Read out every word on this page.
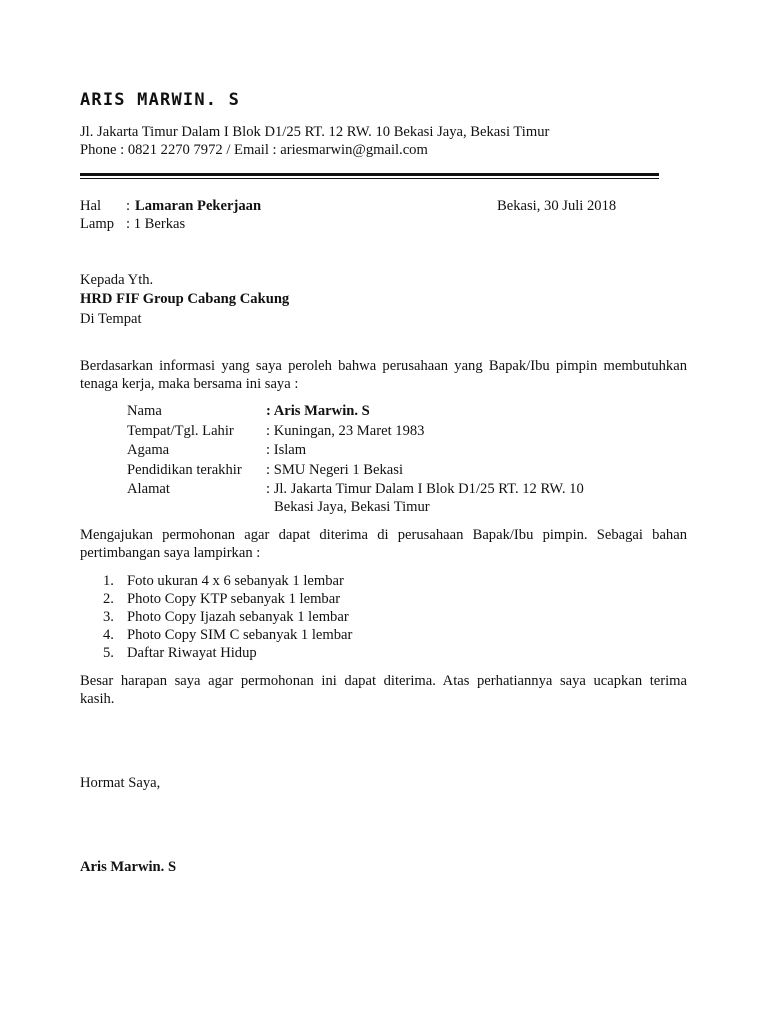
ARIS MARWIN. S
Jl. Jakarta Timur Dalam I Blok D1/25 RT. 12 RW. 10 Bekasi Jaya, Bekasi Timur
Phone : 0821 2270 7972 / Email : ariesmarwin@gmail.com
Hal : Lamaran Pekerjaan	Bekasi, 30 Juli 2018
Lamp : 1 Berkas
Kepada Yth.
HRD FIF Group Cabang Cakung
Di Tempat
Berdasarkan informasi yang saya peroleh bahwa perusahaan yang Bapak/Ibu pimpin membutuhkan
tenaga kerja, maka bersama ini saya :
Nama	: Aris Marwin. S
Tempat/Tgl. Lahir : Kuningan, 23 Maret 1983
Agama	: Islam
Pendidikan terakhir : SMU Negeri 1 Bekasi
Alamat	: Jl. Jakarta Timur Dalam I Blok D1/25 RT. 12 RW. 10
Bekasi Jaya, Bekasi Timur
Mengajukan permohonan agar dapat diterima di perusahaan Bapak/Ibu pimpin. Sebagai bahan
pertimbangan saya lampirkan :
1. Foto ukuran 4 x 6 sebanyak 1 lembar
2. Photo Copy KTP sebanyak 1 lembar
3. Photo Copy Ijazah sebanyak 1 lembar
4. Photo Copy SIM C sebanyak 1 lembar
5. Daftar Riwayat Hidup
Besar harapan saya agar permohonan ini dapat diterima. Atas perhatiannya saya ucapkan terima
kasih.
Hormat Saya,
Aris Marwin. S
